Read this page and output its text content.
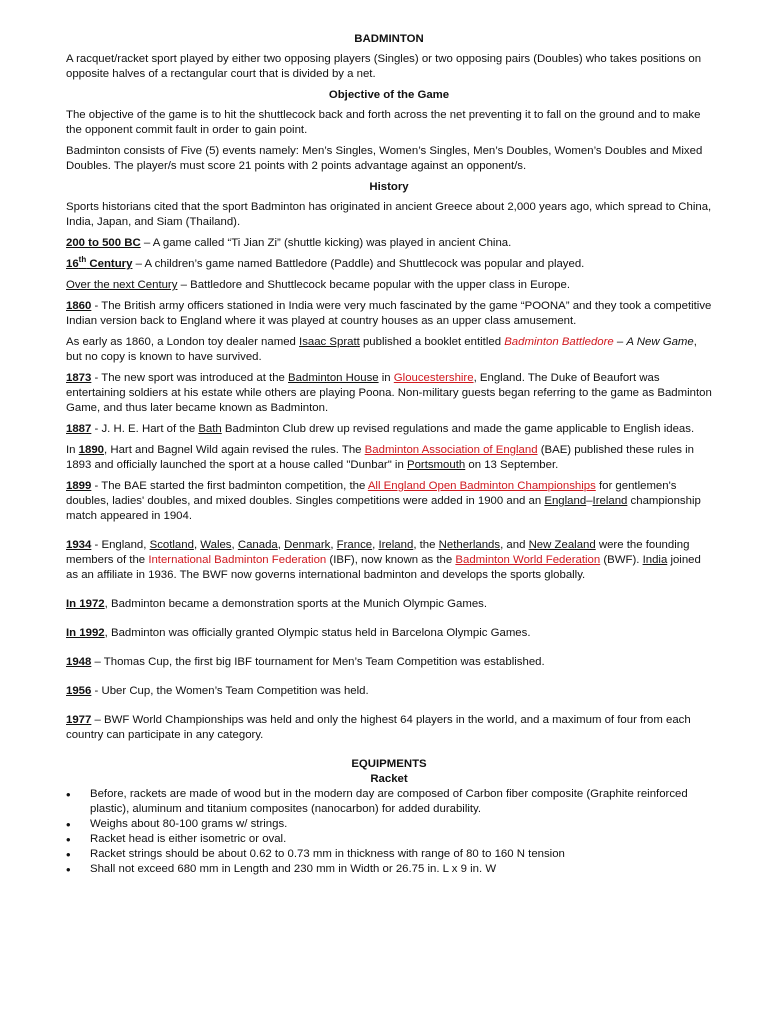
BADMINTON

A racquet/racket sport played by either two opposing players (Singles) or two opposing pairs (Doubles) who takes positions on opposite halves of a rectangular court that is divided by a net.

Objective of the Game

The objective of the game is to hit the shuttlecock back and forth across the net preventing it to fall on the ground and to make the opponent commit fault in order to gain point.

Badminton consists of Five (5) events namely: Men’s Singles, Women’s Singles, Men’s Doubles, Women’s Doubles and Mixed Doubles. The player/s must score 21 points with 2 points advantage against an opponent/s.

History

Sports historians cited that the sport Badminton has originated in ancient Greece about 2,000 years ago, which spread to China, India, Japan, and Siam (Thailand).

200 to 500 BC – A game called “Ti Jian Zi” (shuttle kicking) was played in ancient China.

16th Century – A children’s game named Battledore (Paddle) and Shuttlecock was popular and played.

Over the next Century – Battledore and Shuttlecock became popular with the upper class in Europe.

1860 - The British army officers stationed in India were very much fascinated by the game “POONA” and they took a competitive Indian version back to England where it was played at country houses as an upper class amusement.

As early as 1860, a London toy dealer named Isaac Spratt published a booklet entitled Badminton Battledore – A New Game, but no copy is known to have survived.

1873 - The new sport was introduced at the Badminton House in Gloucestershire, England. The Duke of Beaufort was entertaining soldiers at his estate while others are playing Poona. Non-military guests began referring to the game as Badminton Game, and thus later became known as Badminton.

1887 - J. H. E. Hart of the Bath Badminton Club drew up revised regulations and made the game applicable to English ideas.

In 1890, Hart and Bagnel Wild again revised the rules. The Badminton Association of England (BAE) published these rules in 1893 and officially launched the sport at a house called "Dunbar" in Portsmouth on 13 September.

1899 - The BAE started the first badminton competition, the All England Open Badminton Championships for gentlemen's doubles, ladies' doubles, and mixed doubles. Singles competitions were added in 1900 and an England–Ireland championship match appeared in 1904.

1934 - England, Scotland, Wales, Canada, Denmark, France, Ireland, the Netherlands, and New Zealand were the founding members of the International Badminton Federation (IBF), now known as the Badminton World Federation (BWF). India joined as an affiliate in 1936. The BWF now governs international badminton and develops the sports globally.

In 1972, Badminton became a demonstration sports at the Munich Olympic Games.

In 1992, Badminton was officially granted Olympic status held in Barcelona Olympic Games.

1948 – Thomas Cup, the first big IBF tournament for Men’s Team Competition was established.

1956 - Uber Cup, the Women’s Team Competition was held.

1977 – BWF World Championships was held and only the highest 64 players in the world, and a maximum of four from each country can participate in any category.

EQUIPMENTS
Racket
• Before, rackets are made of wood but in the modern day are composed of Carbon fiber composite (Graphite reinforced plastic), aluminum and titanium composites (nanocarbon) for added durability.
• Weighs about 80-100 grams w/ strings.
• Racket head is either isometric or oval.
• Racket strings should be about 0.62 to 0.73 mm in thickness with range of 80 to 160 N tension
• Shall not exceed 680 mm in Length and 230 mm in Width or 26.75 in. L x 9 in. W
